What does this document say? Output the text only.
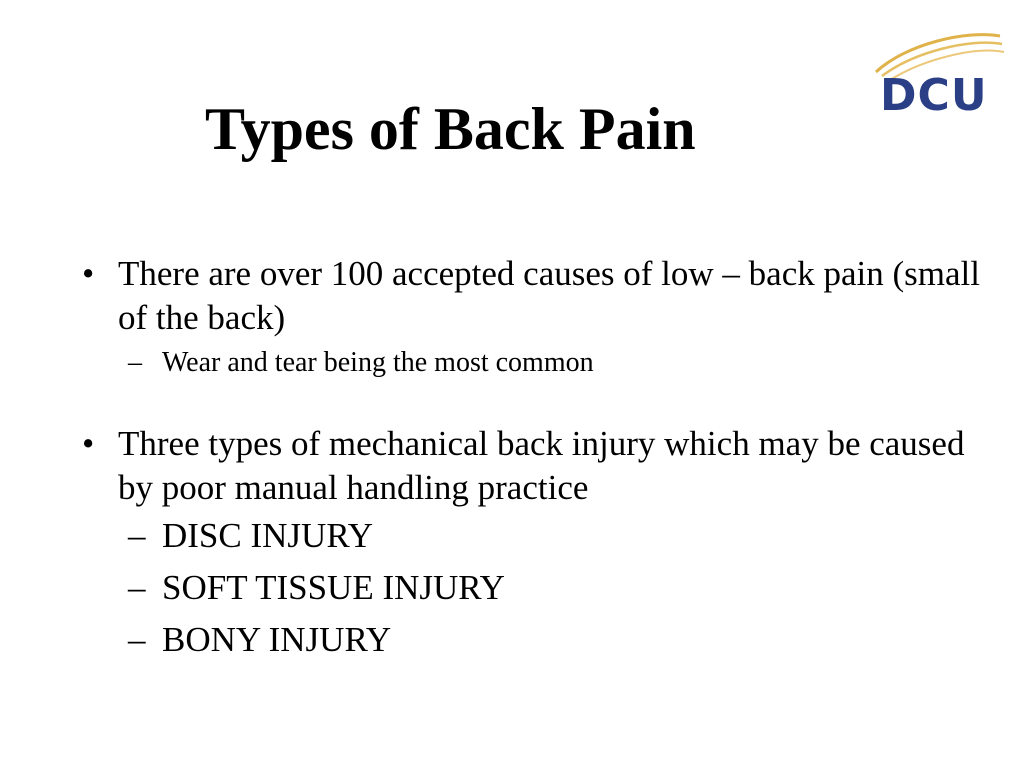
Types of Back Pain
DCU
• There are over 100 accepted causes of low – back pain (small of the back)
– Wear and tear being the most common
• Three types of mechanical back injury which may be caused by poor manual handling practice
– DISC INJURY
– SOFT TISSUE INJURY
– BONY INJURY
